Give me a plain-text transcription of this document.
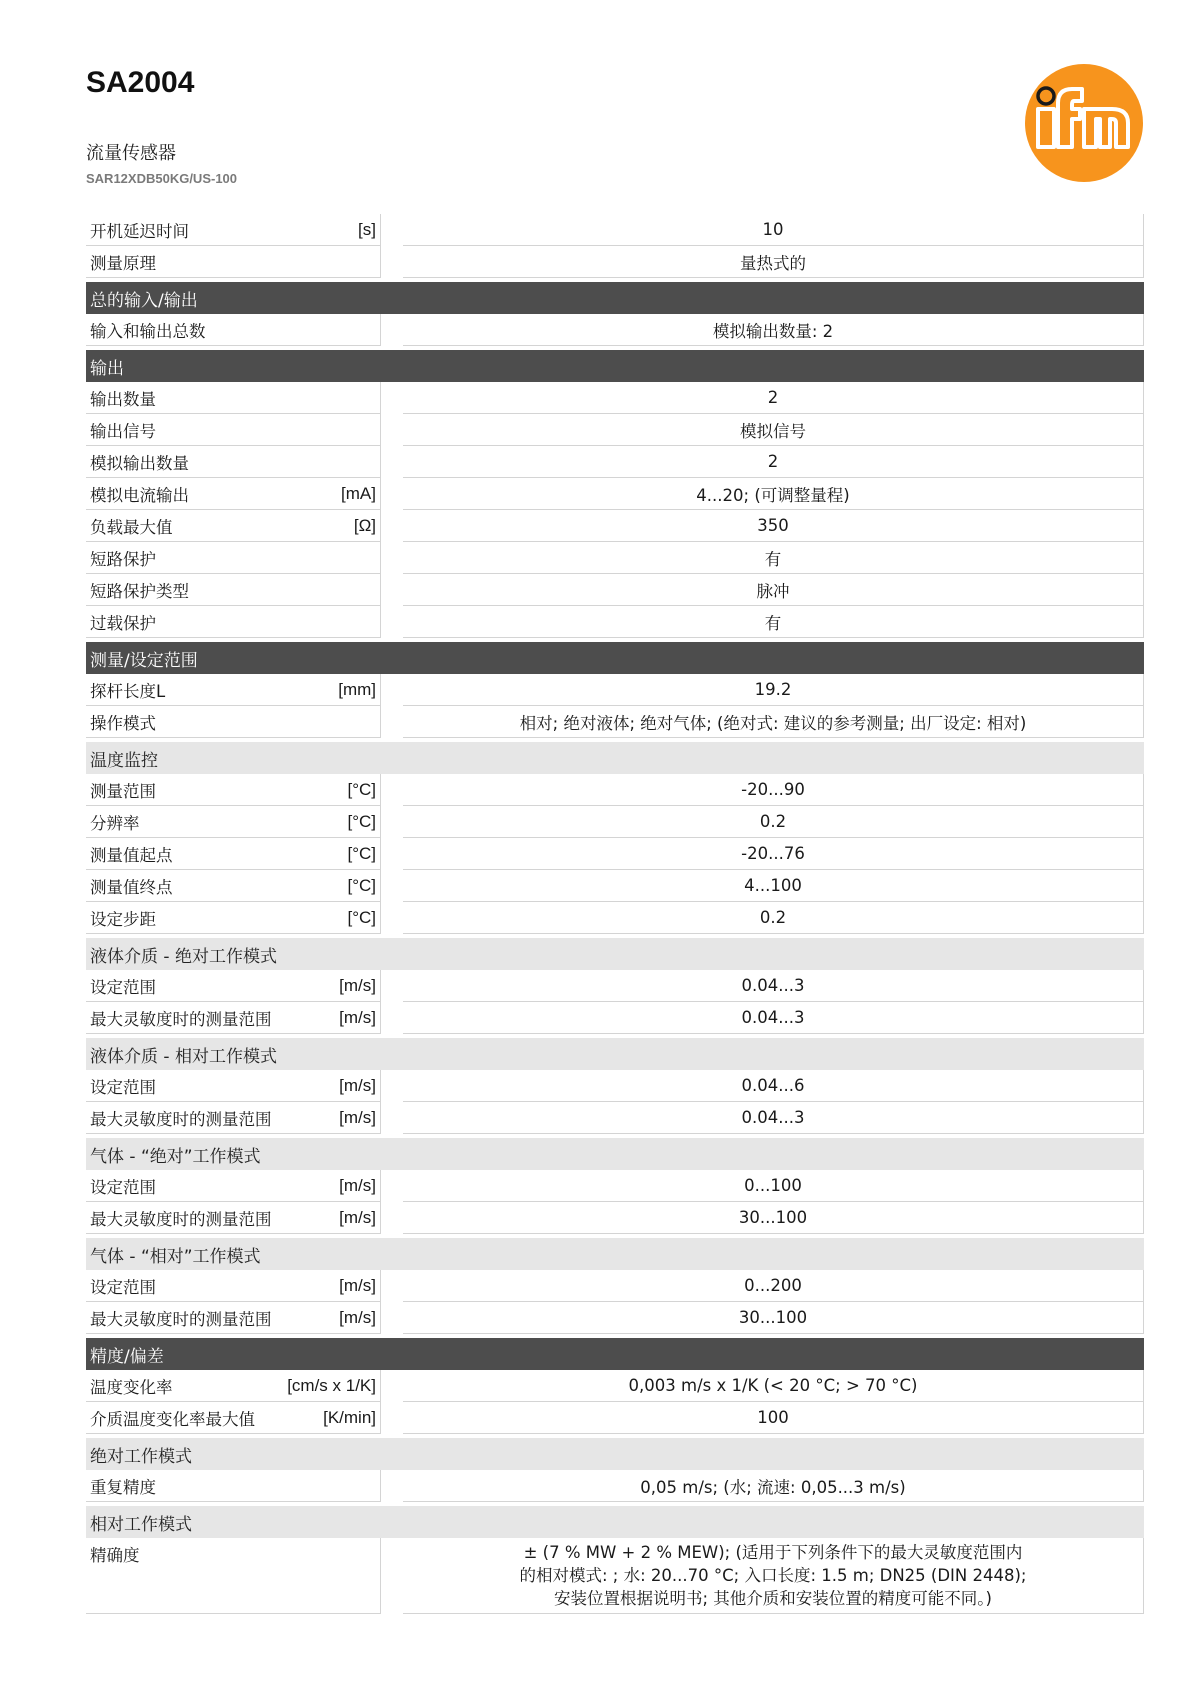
SA2004
流量传感器
SAR12XDB50KG/US-100
开机延迟时间	[s]	10
测量原理	量热式的
总的输入/输出
输入和输出总数	模拟输出数量: 2
输出
输出数量	2
输出信号	模拟信号
模拟输出数量	2
模拟电流输出	[mA]	4...20; (可调整量程)
负载最大值	[Ω]	350
短路保护	有
短路保护类型	脉冲
过载保护	有
测量/设定范围
探杆长度L	[mm]	19.2
操作模式	相对; 绝对液体; 绝对气体; (绝对式: 建议的参考测量; 出厂设定: 相对)
温度监控
测量范围	[°C]	-20...90
分辨率	[°C]	0.2
测量值起点	[°C]	-20...76
测量值终点	[°C]	4...100
设定步距	[°C]	0.2
液体介质 - 绝对工作模式
设定范围	[m/s]	0.04...3
最大灵敏度时的测量范围	[m/s]	0.04...3
液体介质 - 相对工作模式
设定范围	[m/s]	0.04...6
最大灵敏度时的测量范围	[m/s]	0.04...3
气体 - “绝对”工作模式
设定范围	[m/s]	0...100
最大灵敏度时的测量范围	[m/s]	30...100
气体 - “相对”工作模式
设定范围	[m/s]	0...200
最大灵敏度时的测量范围	[m/s]	30...100
精度/偏差
温度变化率	[cm/s x 1/K]	0,003 m/s x 1/K (< 20 °C; > 70 °C)
介质温度变化率最大值	[K/min]	100
绝对工作模式
重复精度	0,05 m/s; (水; 流速: 0,05...3 m/s)
相对工作模式
精确度	± (7 % MW + 2 % MEW); (适用于下列条件下的最大灵敏度范围内
的相对模式: ; 水: 20...70 °C; 入口长度: 1.5 m; DN25 (DIN 2448);
安装位置根据说明书; 其他介质和安装位置的精度可能不同。)
